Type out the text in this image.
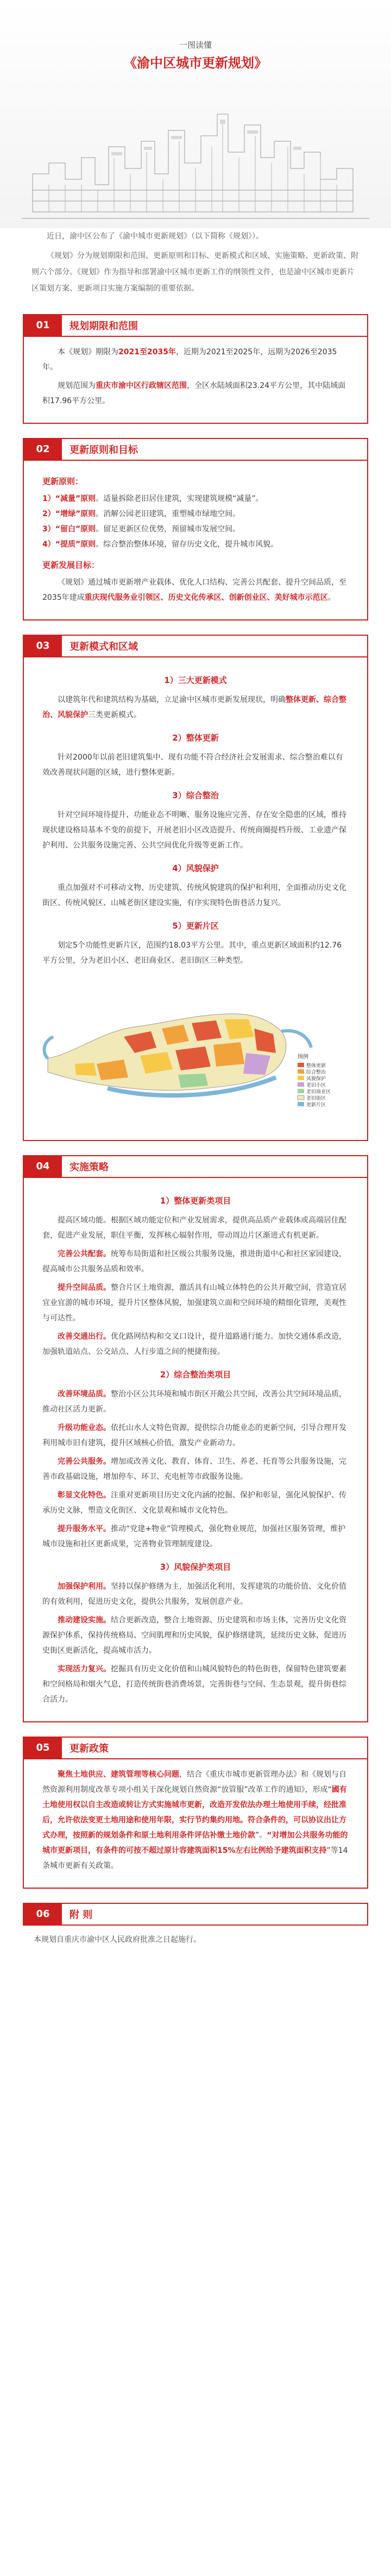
一图读懂
《渝中区城市更新规划》

近日，渝中区公布了《渝中城市更新规划》（以下简称《规划》）。

《规划》分为规划期限和范围、更新原则和目标、更新模式和区域、实施策略、更新政策、附则六个部分。《规划》作为指导和部署渝中区城市更新工作的纲领性文件，也是渝中区城市更新片区策划方案、更新项目实施方案编制的重要依据。

01	规划期限和范围

本《规划》期限为2021至2035年，近期为2021至2025年，远期为2026至2035年。

规划范围为重庆市渝中区行政辖区范围，全区水陆域面积23.24平方公里，其中陆域面积17.96平方公里。

02	更新原则和目标
更新原则：
1）“减量”原则。适量拆除老旧居住建筑，实现建筑规模“减量”。
2）“增绿”原则。消解公园老旧建筑，重塑城市绿地空间。
3）“留白”原则。留足更新区位优势，预留城市发展空间。
4）“提质”原则。综合整治整体环境，留存历史文化，提升城市风貌。
更新发展目标：

《规划》通过城市更新增产业载体、优化人口结构、完善公共配套、提升空间品质，至2035年建成重庆现代服务业引领区、历史文化传承区、创新创业区、美好城市示范区。

03	更新模式和区域
1）三大更新模式

以建筑年代和建筑结构为基础，立足渝中区城市更新发展现状，明确整体更新、综合整治、风貌保护三类更新模式。

2）整体更新

针对2000年以前老旧建筑集中、现有功能不符合经济社会发展需求、综合整治难以有效改善现状问题的区域，进行整体更新。

3）综合整治

针对空间环境待提升、功能业态不明晰、服务设施应完善、存在安全隐患的区域，维持现状建设格局基本不变的前提下，开展老旧小区改造提升、传统商圈提档升级、工业遗产保护利用、公共服务设施完善、公共空间优化升级等更新工作。

4）风貌保护

重点加强对不可移动文物、历史建筑、传统风貌建筑的保护和利用，全面推动历史文化街区、传统风貌区、山城老街区建设实施，有序实现特色街巷活力复兴。

5）更新片区

划定5个功能性更新片区，范围约18.03平方公里。其中，重点更新区域面积约12.76平方公里，分为老旧小区、老旧商业区、老旧街区三种类型。

图例
整体更新
综合整治
风貌保护
老旧小区
老旧商业区
老旧街区
更新片区
04	实施策略
1）整体更新类项目

提高区域功能。根据区域功能定位和产业发展需求，提供高品质产业载体或高端居住配套，促进产业发展，职住平衡，发挥核心辐射作用，带动周边片区渐进式有机更新。

完善公共配套。统筹布局街道和社区级公共服务设施，推进街道中心和社区家园建设，提高城市公共服务品质和效率。

提升空间品质。整合片区土地资源，激活具有山城立体特色的公共开敞空间，营造宜居宜业宜游的城市环境，提升片区整体风貌，加强建筑立面和空间环境的精细化管理，美观性与可达性。

改善交通出行。优化路网结构和交叉口设计，提升道路通行能力。加快交通体系改造，加强轨道站点、公交站点、人行步道之间的便捷衔接。

2）综合整治类项目

改善环境品质。整治小区公共环境和城市街区开敞公共空间，改善公共空间环境品质，推动社区活力更新。

升级功能业态。依托山水人文特色资源，提供综合功能业态的更新空间，引导合理开发利用城市旧有建筑，提升区域核心价值，激发产业新动力。

完善公共服务。增加或改善文化、教育、体育、卫生、养老、托育等公共服务设施，完善市政基础设施，增加停车、环卫、充电桩等市政服务设施。

彰显文化特色。注重对更新项目历史文化内涵的挖掘、保护和彰显，强化风貌保护、传承历史文脉，塑造文化街区、文化景观和城市文化特色。

提升服务水平。推动“党建+物业”管理模式，强化物业规范，加强社区服务管理，维护城市设施和社区更新成果，完善物业管理制度建设。

3）风貌保护类项目

加强保护利用。坚持以保护修缮为主，加强活化利用，发挥建筑的功能价值、文化价值的有效利用，促进历史文化，提供公共服务，发展创意产业。

推动建设实施。结合更新改造，整合土地资源、历史建筑和市场主体，完善历史文化资源保护体系，保持传统格局、空间肌理和历史风貌，保护修缮建筑，延续历史文脉，促进历史街区更新活化，提高城市活力。

实现活力复兴。挖掘具有历史文化价值和山城风貌特色的特色街巷，保留特色建筑要素和空间格局和烟火气息，打造传统街巷消费场景，完善街巷与空间、生态景观，提升街巷综合活力。

05	更新政策

聚焦土地供应、建筑管理等核心问题，结合《重庆市城市更新管理办法》和《规划与自然资源利用制度改革专项小组关于深化规划自然资源“放管服”改革工作的通知》，形成“國有土地使用权以自主改造或转让方式实施城市更新，改造开发依法办理土地使用手续，经批准后，允许依法变更土地用途和使用年限，实行节约集约用地。符合条件的，可以协议出让方式办理，按照新的规划条件和原土地利用条件评估补缴土地价款”。“对增加公共服务功能的城市更新项目，有条件的可按不超过原计容建筑面积15%左右比例给予建筑面积支持”等14条城市更新有关政策。

06	附 则
本规划自重庆市渝中区人民政府批准之日起施行。
